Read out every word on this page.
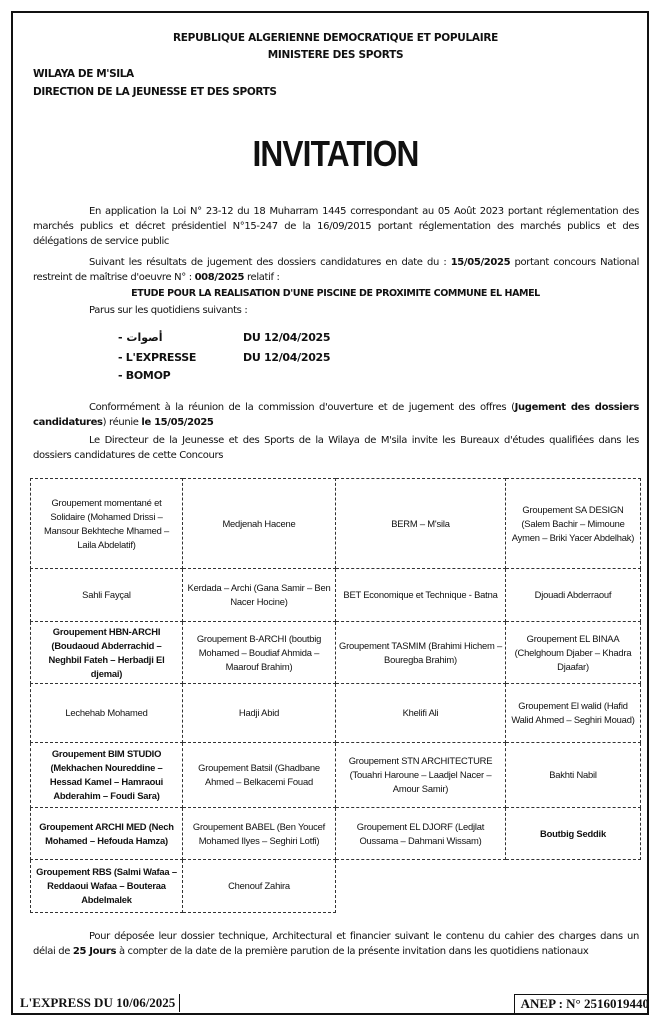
REPUBLIQUE ALGERIENNE DEMOCRATIQUE ET POPULAIRE
MINISTERE DES SPORTS
WILAYA DE M'SILA
DIRECTION DE LA JEUNESSE ET DES SPORTS
INVITATION
En application la Loi N° 23-12 du 18 Muharram 1445 correspondant au 05 Août 2023 portant réglementation des marchés publics et décret présidentiel N°15-247 de la 16/09/2015 portant réglementation des marchés publics et des délégations de service public
Suivant les résultats de jugement des dossiers candidatures en date du : 15/05/2025 portant concours National restreint de maîtrise d'oeuvre N° : 008/2025 relatif :
ETUDE POUR LA REALISATION D'UNE PISCINE DE PROXIMITE COMMUNE EL HAMEL
Parus sur les quotidiens suivants :
- أصوات	DU 12/04/2025
- L'EXPRESSE	DU 12/04/2025
- BOMOP
Conformément à la réunion de la commission d'ouverture et de jugement des offres (Jugement des dossiers candidatures) réunie le 15/05/2025
Le Directeur de la Jeunesse et des Sports de la Wilaya de M'sila invite les Bureaux d'études qualifiées dans les dossiers candidatures de cette Concours
Groupement momentané et Solidaire (Mohamed Drissi – Mansour Bekhteche Mhamed – Laila Abdelatif)	Medjenah Hacene	BERM – M'sila	Groupement SA DESIGN (Salem Bachir – Mimoune Aymen – Briki Yacer Abdelhak)
Sahli Fayçal	Kerdada – Archi (Gana Samir – Ben Nacer Hocine)	BET Economique et Technique - Batna	Djouadi Abderraouf
Groupement HBN-ARCHI (Boudaoud Abderrachid – Neghbil Fateh – Herbadji El djemai)	Groupement B-ARCHI (boutbig Mohamed – Boudiaf Ahmida – Maarouf Brahim)	Groupement TASMIM (Brahimi Hichem – Bouregba Brahim)	Groupement EL BINAA (Chelghoum Djaber – Khadra Djaafar)
Lechehab Mohamed	Hadji Abid	Khelifi Ali	Groupement El walid (Hafid Walid Ahmed – Seghiri Mouad)
Groupement BIM STUDIO (Mekhachen Noureddine – Hessad Kamel – Hamraoui Abderahim – Foudi Sara)	Groupement Batsil (Ghadbane Ahmed – Belkacemi Fouad	Groupement STN ARCHITECTURE (Touahri Haroune – Laadjel Nacer – Amour Samir)	Bakhti Nabil
Groupement ARCHI MED (Nech Mohamed – Hefouda Hamza)	Groupement BABEL (Ben Youcef Mohamed Ilyes – Seghiri Lotfi)	Groupement EL DJORF (Ledjlat Oussama – Dahmani Wissam)	Boutbig Seddik
Groupement RBS (Salmi Wafaa – Reddaoui Wafaa – Bouteraa Abdelmalek	Chenouf Zahira		
Pour déposée leur dossier technique, Architectural et financier suivant le contenu du cahier des charges dans un délai de 25 Jours à compter de la date de la première parution de la présente invitation dans les quotidiens nationaux
L'EXPRESS DU 10/06/2025	ANEP : N° 2516019440
